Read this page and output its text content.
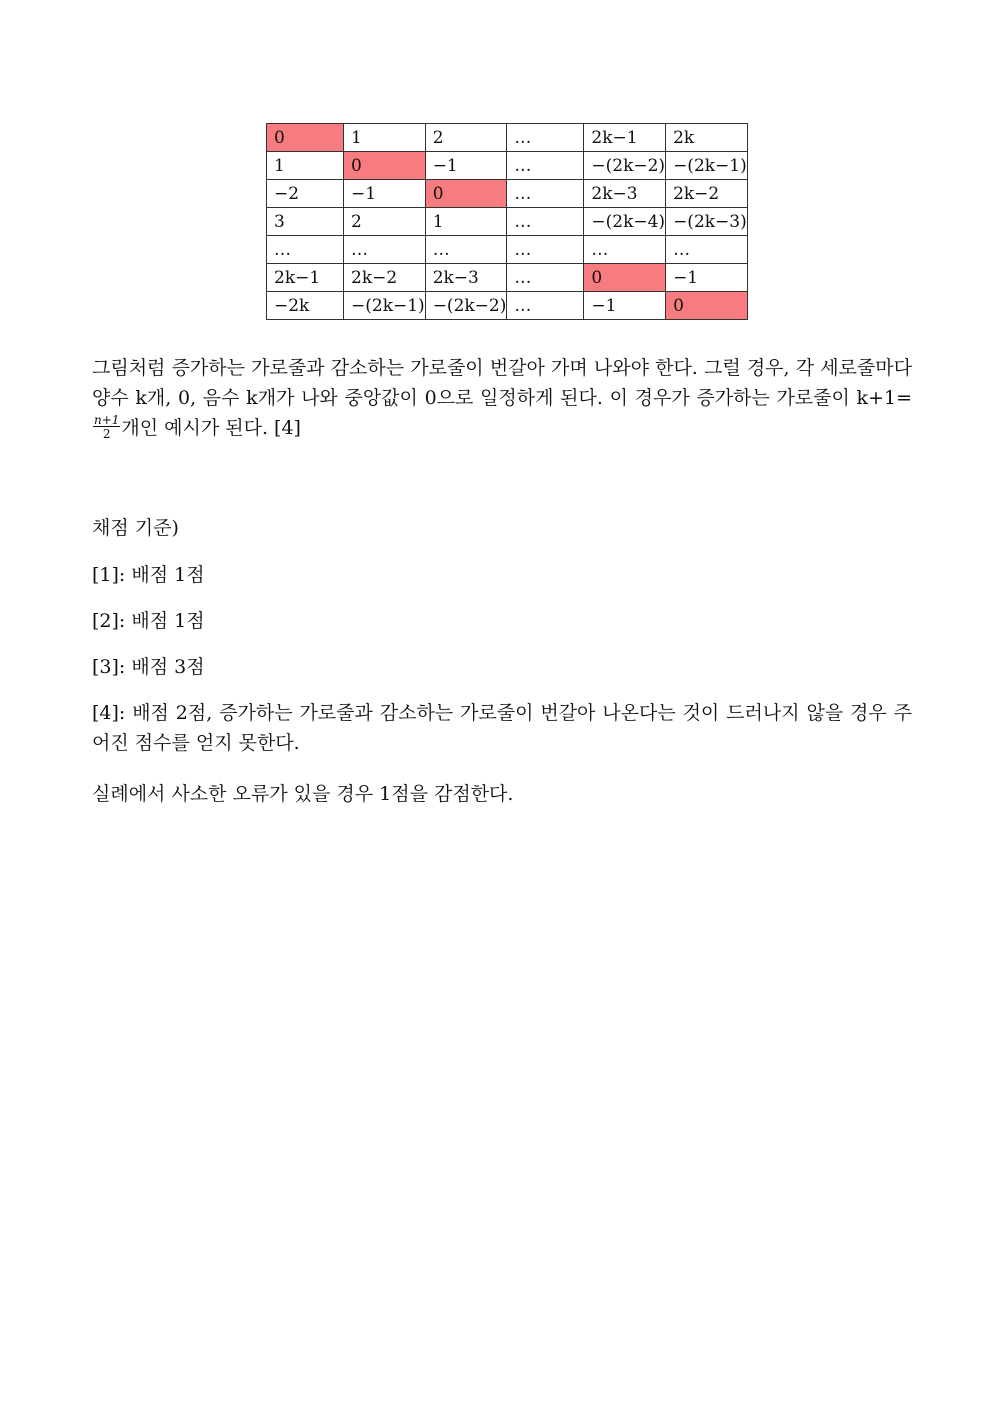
0	1	2	…	2k−1	2k
1	0	−1	…	−(2k−2)	−(2k−1)
−2	−1	0	…	2k−3	2k−2
3	2	1	…	−(2k−4)	−(2k−3)
…	…	…	…	…	…
2k−1	2k−2	2k−3	…	0	−1
−2k	−(2k−1)	−(2k−2)	…	−1	0

그림처럼 증가하는 가로줄과 감소하는 가로줄이 번갈아 가며 나와야 한다. 그럴 경우, 각 세로줄마다 양수 k개, 0, 음수 k개가 나와 중앙값이 0으로 일정하게 된다. 이 경우가 증가하는 가로줄이 k+1=
$\frac{n+1}{2}$ 개인 예시가 된다. [4]

채점 기준)

[1]: 배점 1점

[2]: 배점 1점

[3]: 배점 3점

[4]: 배점 2점, 증가하는 가로줄과 감소하는 가로줄이 번갈아 나온다는 것이 드러나지 않을 경우 주어진 점수를 얻지 못한다.

실례에서 사소한 오류가 있을 경우 1점을 감점한다.
